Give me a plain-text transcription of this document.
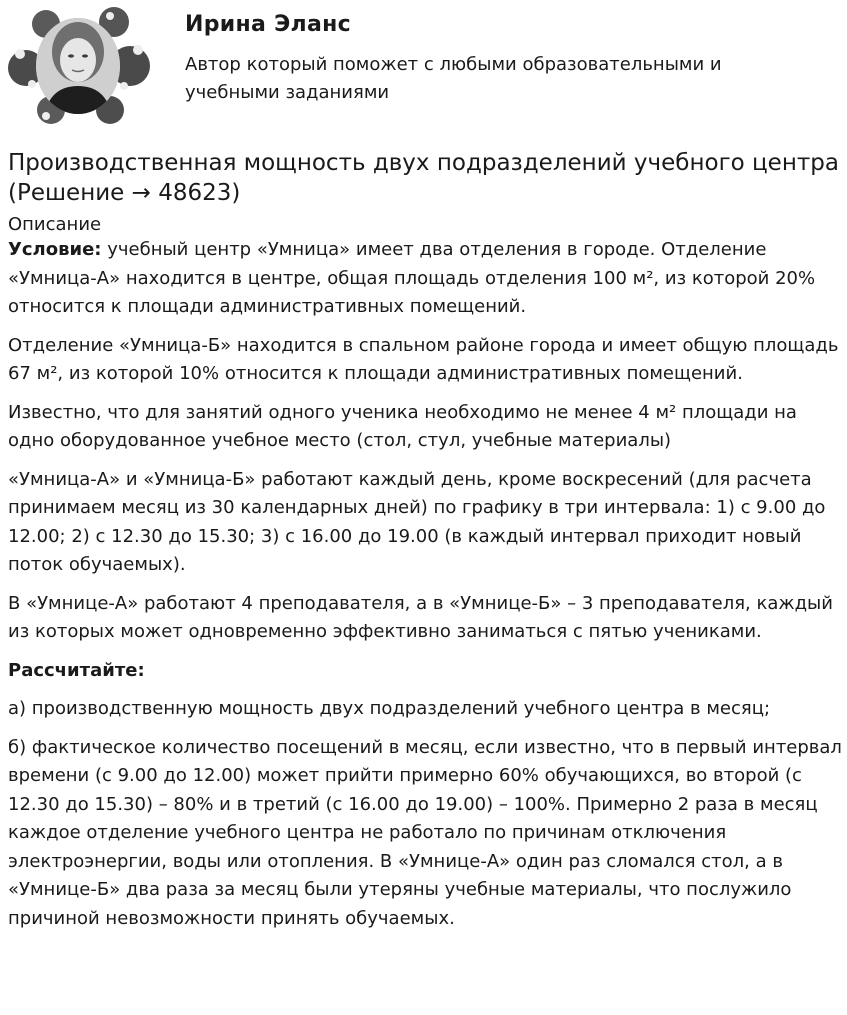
Ирина Эланс
Автор который поможет с любыми образовательными и учебными заданиями
Производственная мощность двух подразделений учебного центра (Решение → 48623)
Описание

Условие: учебный центр «Умница» имеет два отделения в городе. Отделение «Умница-А» находится в центре, общая площадь отделения 100 м², из которой 20% относится к площади административных помещений.

Отделение «Умница-Б» находится в спальном районе города и имеет общую площадь 67 м², из которой 10% относится к площади административных помещений.

Известно, что для занятий одного ученика необходимо не менее 4 м² площади на одно оборудованное учебное место (стол, стул, учебные материалы)

«Умница-А» и «Умница-Б» работают каждый день, кроме воскресений (для расчета принимаем месяц из 30 календарных дней) по графику в три интервала: 1) с 9.00 до 12.00; 2) с 12.30 до 15.30; 3) с 16.00 до 19.00 (в каждый интервал приходит новый поток обучаемых).

В «Умнице-А» работают 4 преподавателя, а в «Умнице-Б» – 3 преподавателя, каждый из которых может одновременно эффективно заниматься с пятью учениками.

Рассчитайте:

а) производственную мощность двух подразделений учебного центра в месяц;

б) фактическое количество посещений в месяц, если известно, что в первый интервал времени (с 9.00 до 12.00) может прийти примерно 60% обучающихся, во второй (с 12.30 до 15.30) – 80% и в третий (с 16.00 до 19.00) – 100%. Примерно 2 раза в месяц каждое отделение учебного центра не работало по причинам отключения электроэнергии, воды или отопления. В «Умнице-А» один раз сломался стол, а в «Умнице-Б» два раза за месяц были утеряны учебные материалы, что послужило причиной невозможности принять обучаемых.
